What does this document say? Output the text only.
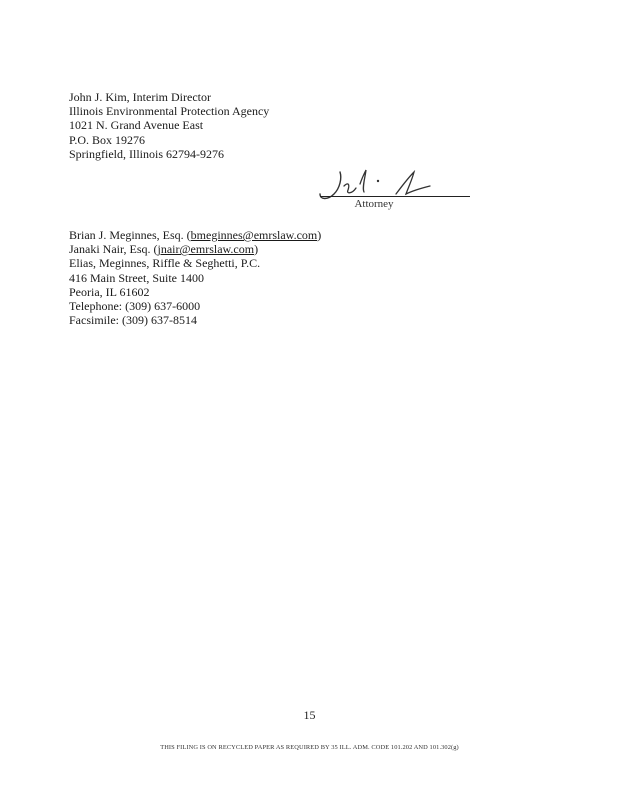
John J. Kim, Interim Director
Illinois Environmental Protection Agency
1021 N. Grand Avenue East
P.O. Box 19276
Springfield, Illinois 62794-9276
Attorney
Brian J. Meginnes, Esq. (bmeginnes@emrslaw.com)
Janaki Nair, Esq. (jnair@emrslaw.com)
Elias, Meginnes, Riffle & Seghetti, P.C.
416 Main Street, Suite 1400
Peoria, IL 61602
Telephone: (309) 637-6000
Facsimile: (309) 637-8514
15
THIS FILING IS ON RECYCLED PAPER AS REQUIRED BY 35 ILL. ADM. CODE 101.202 AND 101.302(g)
